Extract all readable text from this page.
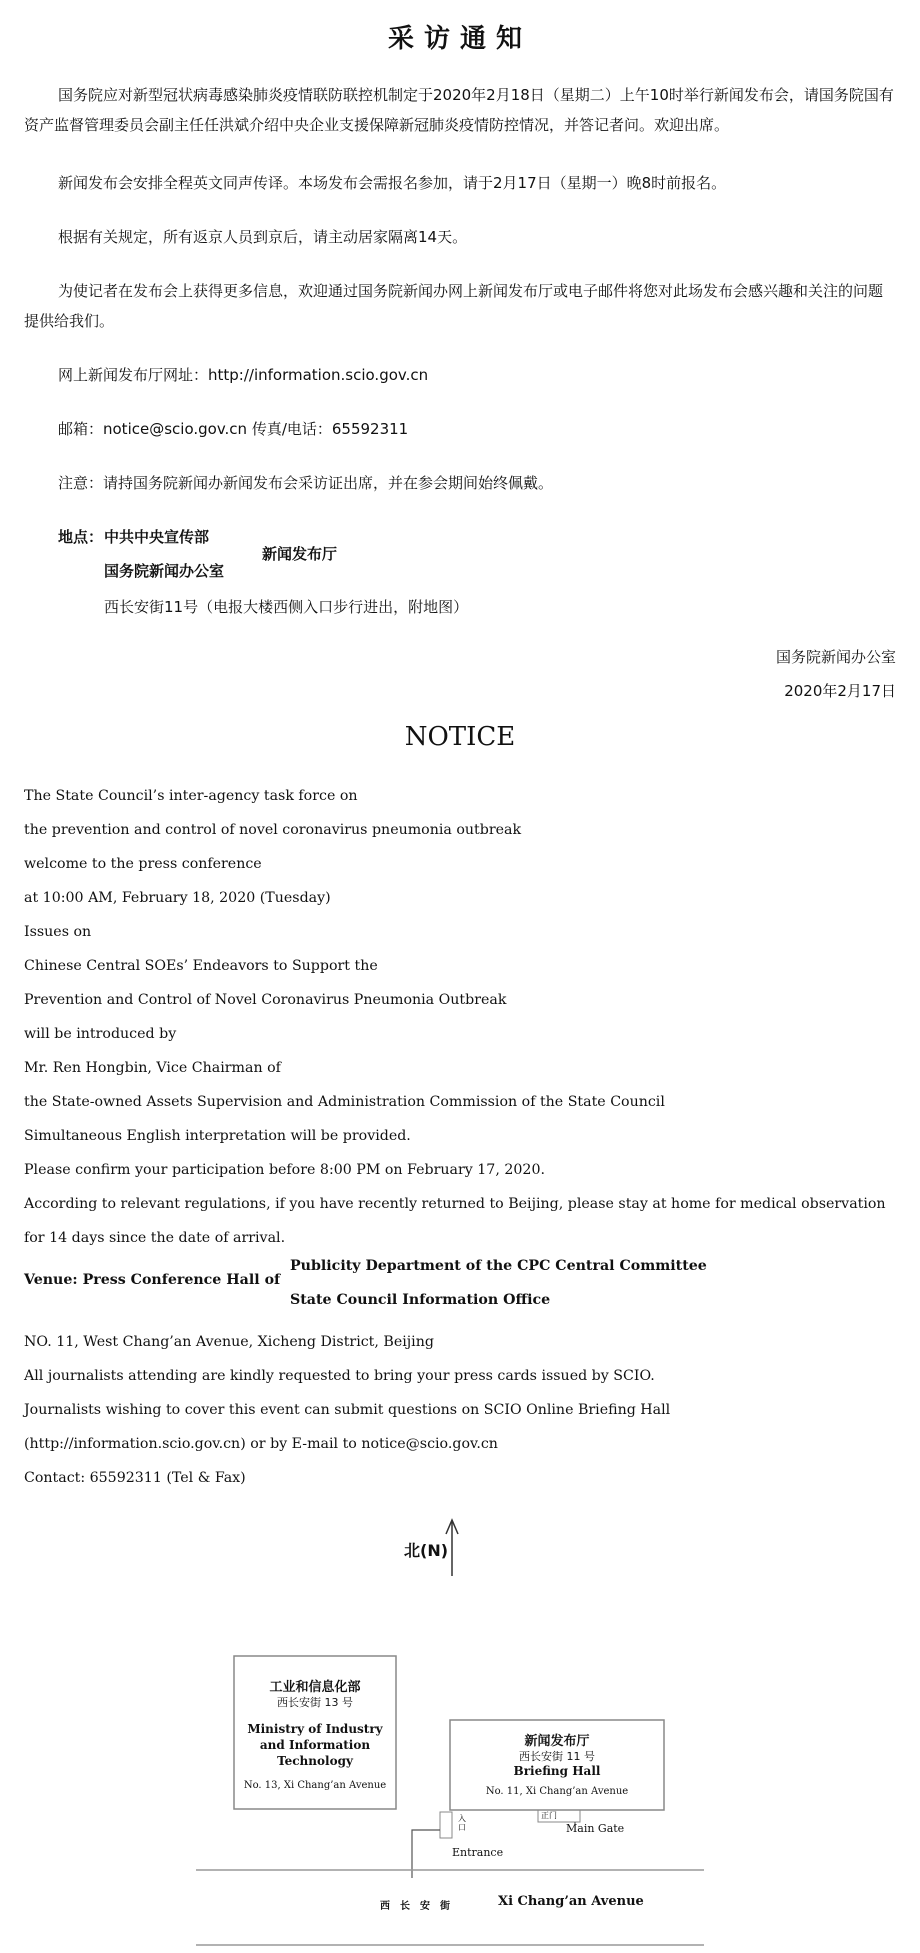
采访通知

国务院应对新型冠状病毒感染肺炎疫情联防联控机制定于2020年2月18日（星期二）上午10时举行新闻发布会，请国务院国有资产监督管理委员会副主任任洪斌介绍中央企业支援保障新冠肺炎疫情防控情况，并答记者问。欢迎出席。

新闻发布会安排全程英文同声传译。本场发布会需报名参加，请于2月17日（星期一）晚8时前报名。

根据有关规定，所有返京人员到京后，请主动居家隔离14天。

为使记者在发布会上获得更多信息，欢迎通过国务院新闻办网上新闻发布厅或电子邮件将您对此场发布会感兴趣和关注的问题提供给我们。

网上新闻发布厅网址：http://information.scio.gov.cn
邮箱：notice@scio.gov.cn 传真/电话：65592311
注意：请持国务院新闻办新闻发布会采访证出席，并在参会期间始终佩戴。
地点： 中共中央宣传部
国务院新闻办公室
新闻发布厅
西长安街11号（电报大楼西侧入口步行进出，附地图）
国务院新闻办公室
2020年2月17日
NOTICE
The State Council’s inter-agency task force on
the prevention and control of novel coronavirus pneumonia outbreak
welcome to the press conference
at 10:00 AM, February 18, 2020 (Tuesday)
Issues on
Chinese Central SOEs’ Endeavors to Support the
Prevention and Control of Novel Coronavirus Pneumonia Outbreak
will be introduced by
Mr. Ren Hongbin, Vice Chairman of
the State-owned Assets Supervision and Administration Commission of the State Council
Simultaneous English interpretation will be provided.
Please confirm your participation before 8:00 PM on February 17, 2020.
According to relevant regulations, if you have recently returned to Beijing, please stay at home for medical observation
for 14 days since the date of arrival.
Venue: Press Conference Hall of
Publicity Department of the CPC Central Committee
State Council Information Office
NO. 11, West Chang’an Avenue, Xicheng District, Beijing
All journalists attending are kindly requested to bring your press cards issued by SCIO.
Journalists wishing to cover this event can submit questions on SCIO Online Briefing Hall
(http://information.scio.gov.cn) or by E-mail to notice@scio.gov.cn
Contact: 65592311 (Tel & Fax)
北(N)
工业和信息化部
西长安街 13 号
Ministry of Industry
and Information
Technology
No. 13, Xi Chang’an Avenue
新闻发布厅
西长安街 11 号
Briefing Hall
No. 11, Xi Chang’an Avenue
正门
Main Gate
入口
Entrance
西　长　安　街	Xi Chang’an Avenue
